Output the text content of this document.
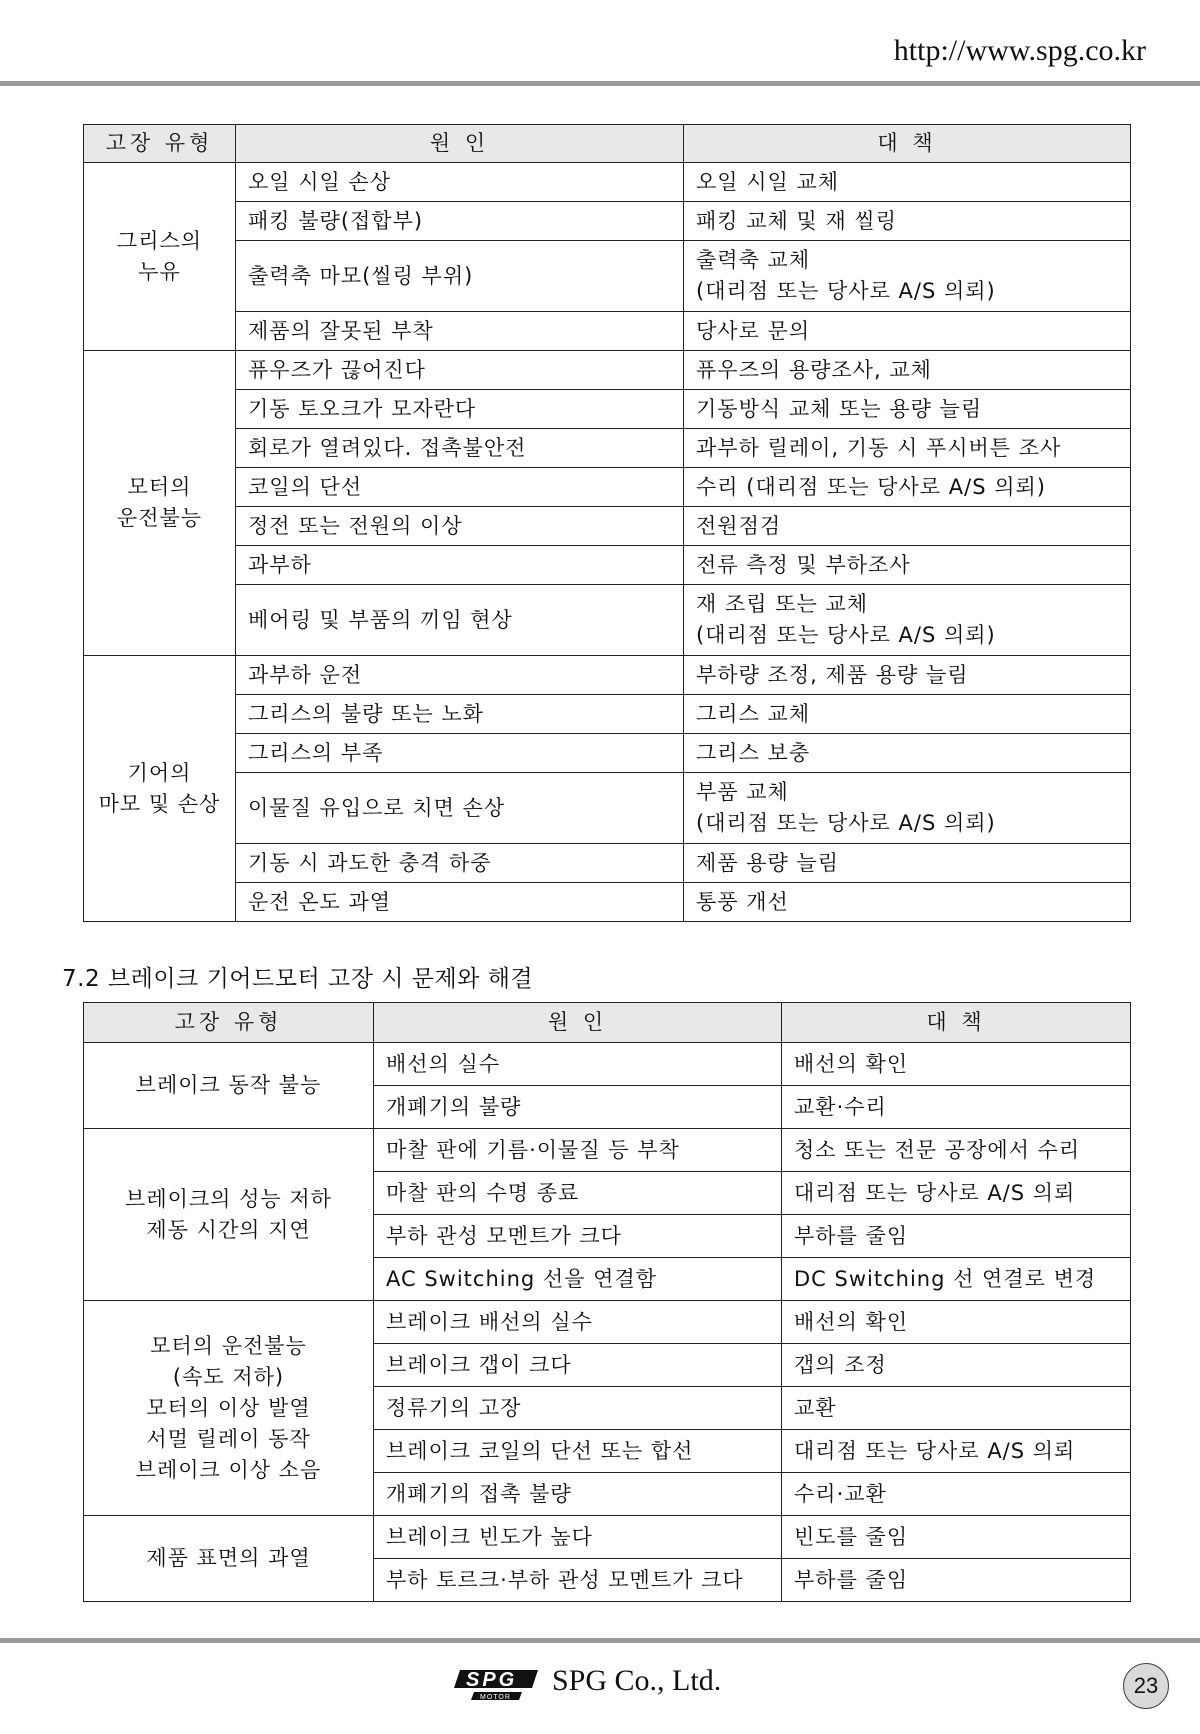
http://www.spg.co.kr
고장 유형	원 인	대 책
그리스의
누유	오일 시일 손상	오일 시일 교체
	패킹 불량(접합부)	패킹 교체 및 재 씰링
	출력축 마모(씰링 부위)	출력축 교체
(대리점 또는 당사로 A/S 의뢰)
	제품의 잘못된 부착	당사로 문의
모터의
운전불능	퓨우즈가 끊어진다	퓨우즈의 용량조사, 교체
	기동 토오크가 모자란다	기동방식 교체 또는 용량 늘림
	회로가 열려있다. 접촉불안전	과부하 릴레이, 기동 시 푸시버튼 조사
	코일의 단선	수리 (대리점 또는 당사로 A/S 의뢰)
	정전 또는 전원의 이상	전원점검
	과부하	전류 측정 및 부하조사
	베어링 및 부품의 끼임 현상	재 조립 또는 교체
(대리점 또는 당사로 A/S 의뢰)
기어의
마모 및 손상	과부하 운전	부하량 조정, 제품 용량 늘림
	그리스의 불량 또는 노화	그리스 교체
	그리스의 부족	그리스 보충
	이물질 유입으로 치면 손상	부품 교체
(대리점 또는 당사로 A/S 의뢰)
	기동 시 과도한 충격 하중	제품 용량 늘림
	운전 온도 과열	통풍 개선
7.2 브레이크 기어드모터 고장 시 문제와 해결
고장 유형	원 인	대 책
브레이크 동작 불능	배선의 실수	배선의 확인
	개폐기의 불량	교환·수리
브레이크의 성능 저하
제동 시간의 지연	마찰 판에 기름·이물질 등 부착	청소 또는 전문 공장에서 수리
	마찰 판의 수명 종료	대리점 또는 당사로 A/S 의뢰
	부하 관성 모멘트가 크다	부하를 줄임
	AC Switching 선을 연결함	DC Switching 선 연결로 변경
모터의 운전불능
(속도 저하)
모터의 이상 발열
서멀 릴레이 동작
브레이크 이상 소음	브레이크 배선의 실수	배선의 확인
	브레이크 갭이 크다	갭의 조정
	정류기의 고장	교환
	브레이크 코일의 단선 또는 합선	대리점 또는 당사로 A/S 의뢰
	개폐기의 접촉 불량	수리·교환
제품 표면의 과열	브레이크 빈도가 높다	빈도를 줄임
	부하 토르크·부하 관성 모멘트가 크다	부하를 줄임
SPG
MOTOR
SPG Co., Ltd.	23
